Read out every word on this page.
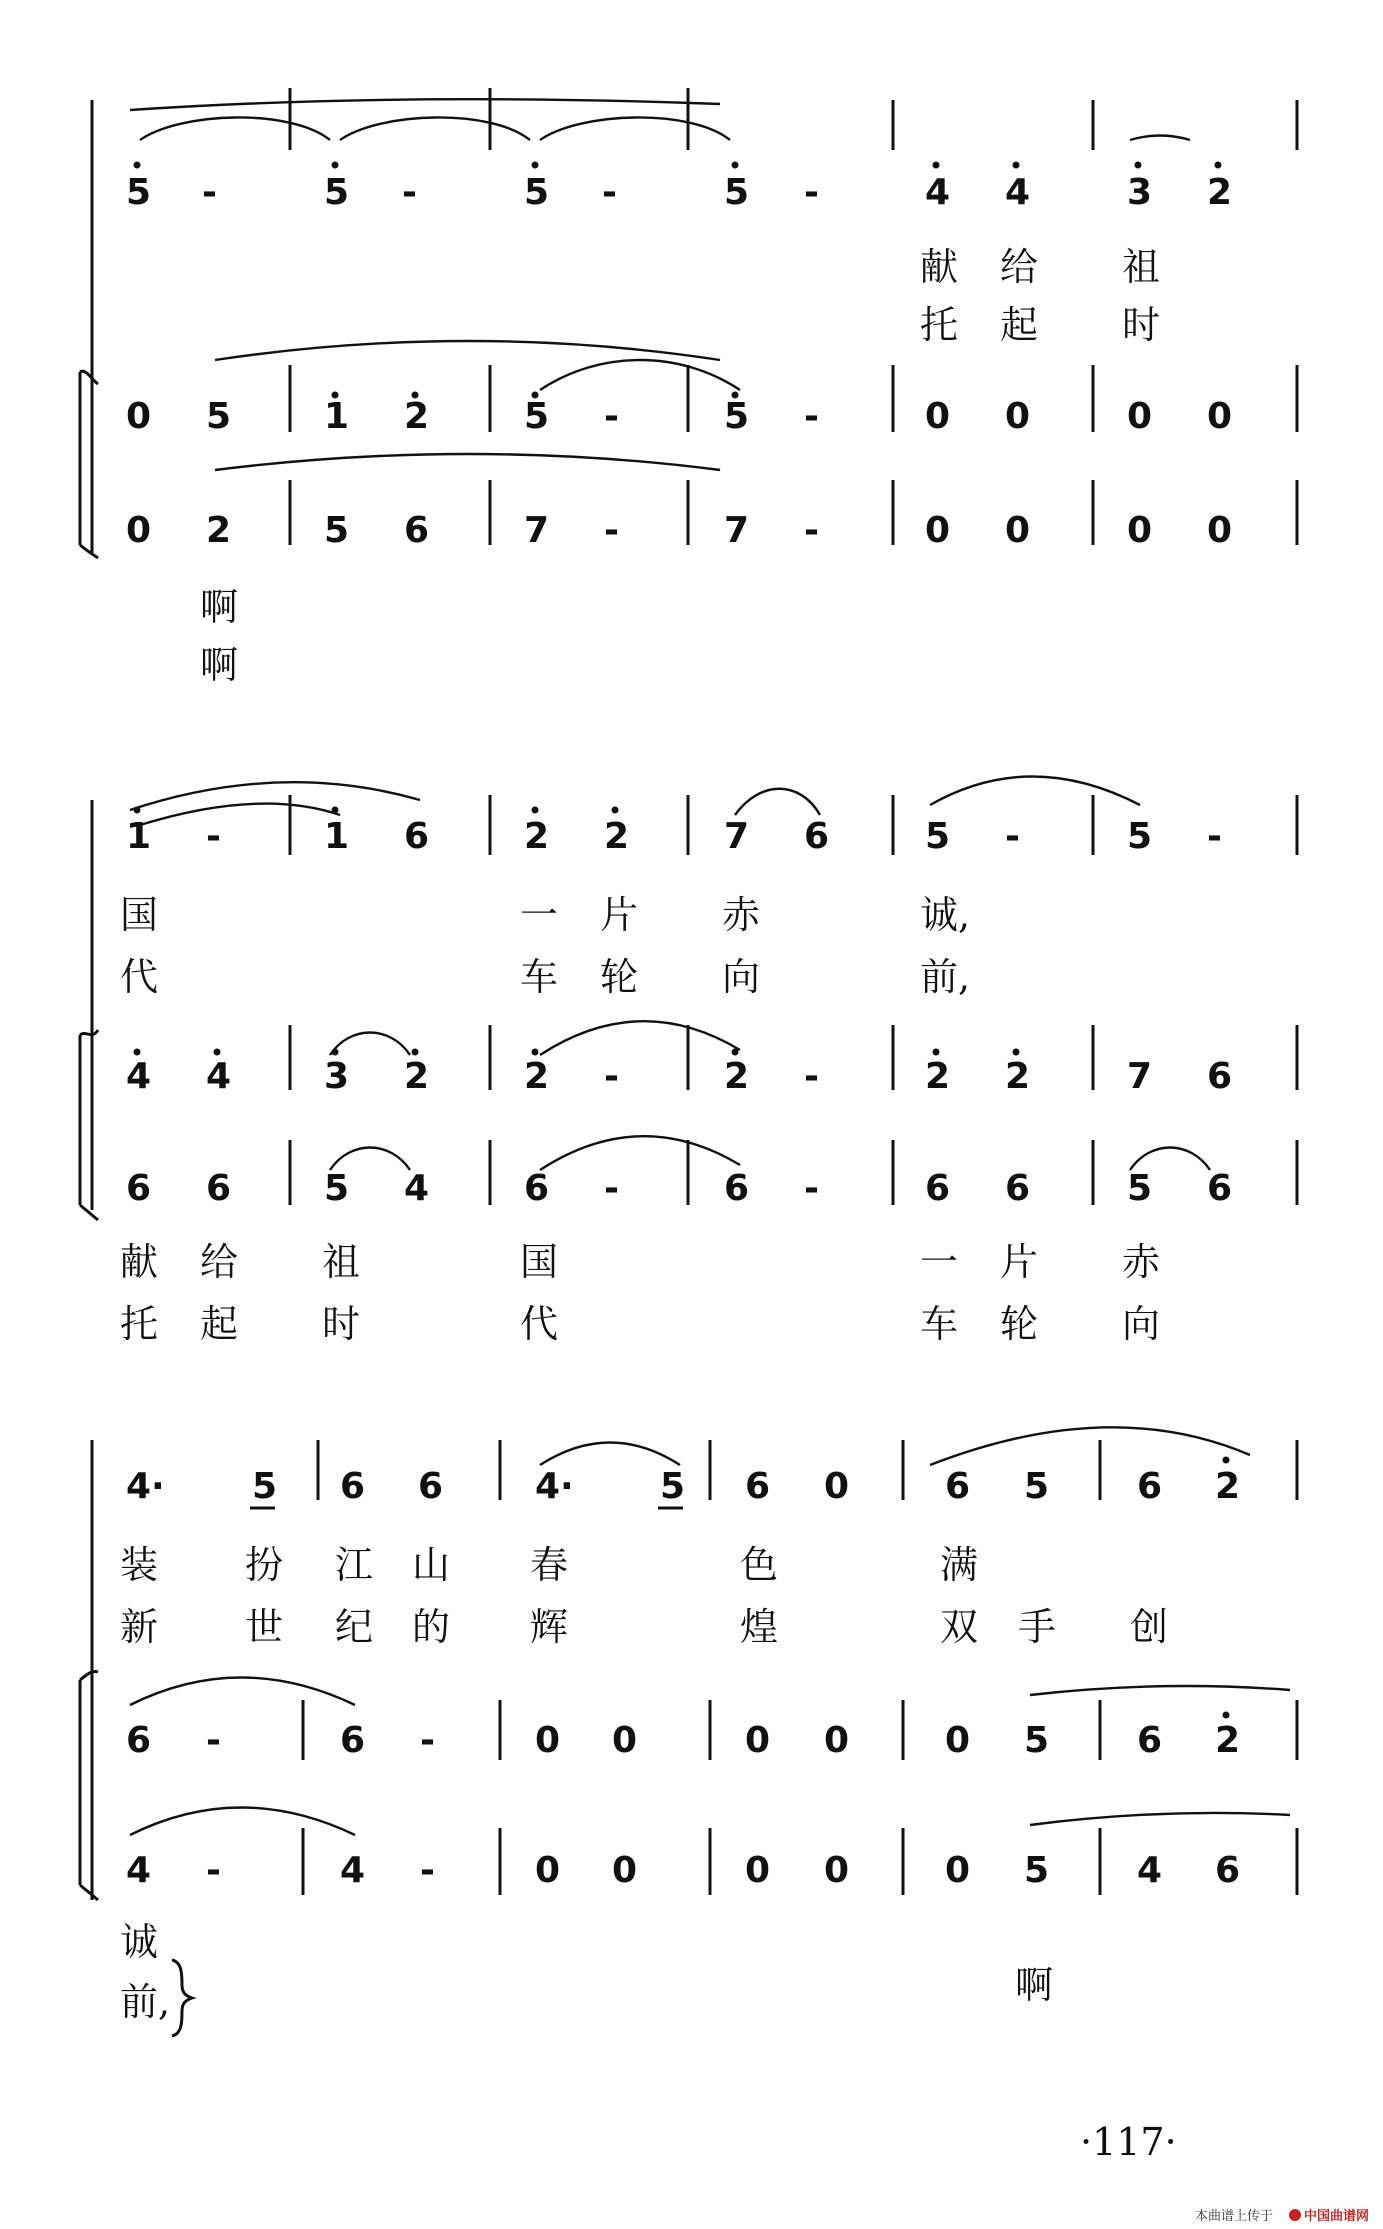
5 -	5 -	5 -	5 -	4 4	3 2
献 给 祖
托 起 时
0 5	1 2	5 -	5 -	0 0	0 0
0 2	5 6	7 -	7 -	0 0	0 0
啊
啊
1 -	1 6	2 2	7 6	5 -	5 -
国	一 片 赤	诚,
代	车 轮 向	前,
4 4	3 2	2 -	2 -	2 2	7 6
6 6	5 4	6 -	6 -	6 6	5 6
献 给 祖	国	一 片 赤
托 起 时	代	车 轮 向
4· 5 6 6	4· 5 6 0	6 5 6 2
装 扮 江 山 春	色	满
新 世 纪 的 辉	煌	双 手 创
6 -	6 -	0 0	0 0	0 5 6 2
4 -	4 -	0 0	0 0	0 5 4 6
诚
前,	啊
·117·
本曲谱上传于 中国曲谱网
